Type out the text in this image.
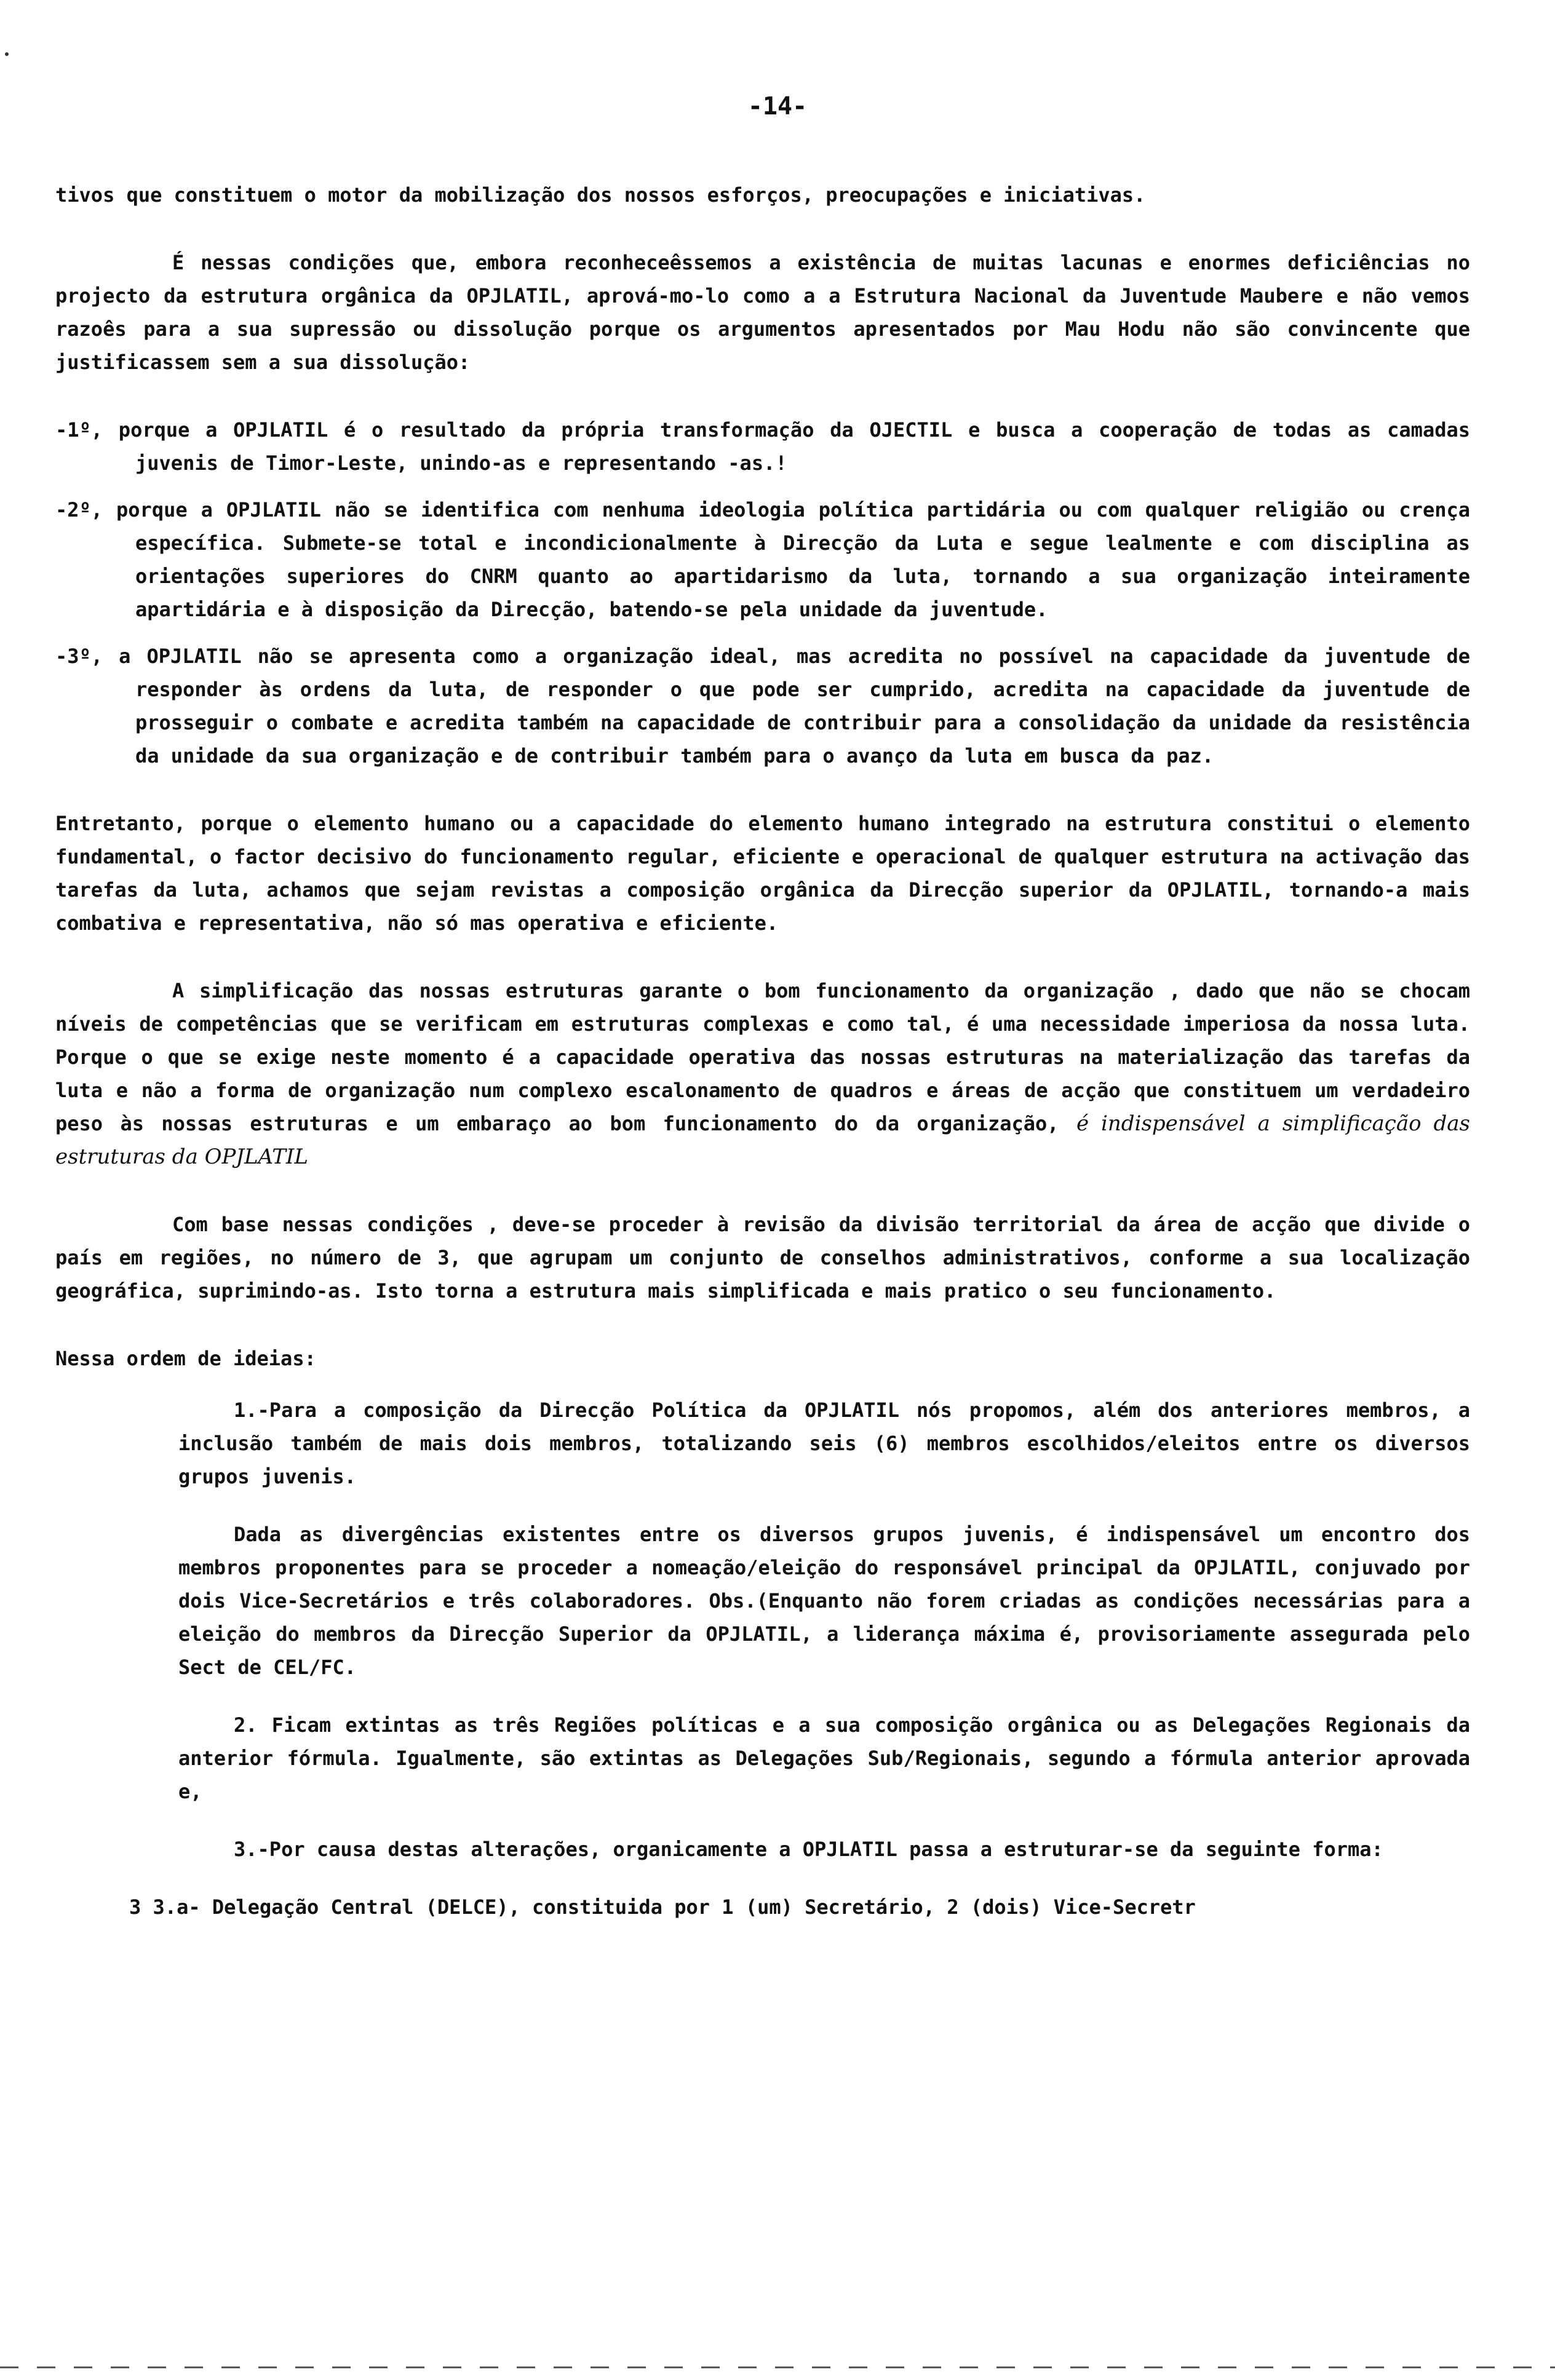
-14-

tivos que constituem o motor da mobilização dos nossos esforços, preocupações e iniciativas.

É nessas condições que, embora reconheceêssemos a existência de muitas lacunas e enormes deficiências no projecto da estrutura orgânica da OPJLATIL, aprová-mo-lo como a a Estrutura Nacional da Juventude Maubere e não vemos razoês para a sua supressão ou dissolução porque os argumentos apresentados por Mau Hodu não são convincente que justificassem sem a sua dissolução:

-1º, porque a OPJLATIL é o resultado da própria transformação da OJECTIL e busca a cooperação de todas as camadas juvenis de Timor-Leste, unindo-as e representando -as.!

-2º, porque a OPJLATIL não se identifica com nenhuma ideologia política partidária ou com qualquer religião ou crença específica. Submete-se total e incondicionalmente à Direcção da Luta e segue lealmente e com disciplina as orientações superiores do CNRM quanto ao apartidarismo da luta, tornando a sua organização inteiramente apartidária e à disposição da Direcção, batendo-se pela unidade da juventude.

-3º, a OPJLATIL não se apresenta como a organização ideal, mas acredita no possível na capacidade da juventude de responder às ordens da luta, de responder o que pode ser cumprido, acredita na capacidade da juventude de prosseguir o combate e acredita também na capacidade de contribuir para a consolidação da unidade da resistência da unidade da sua organização e de contribuir também para o avanço da luta em busca da paz.

Entretanto, porque o elemento humano ou a capacidade do elemento humano integrado na estrutura constitui o elemento fundamental, o factor decisivo do funcionamento regular, eficiente e operacional de qualquer estrutura na activação das tarefas da luta, achamos que sejam revistas a composição orgânica da Direcção superior da OPJLATIL, tornando-a mais combativa e representativa, não só mas operativa e eficiente.

A simplificação das nossas estruturas garante o bom funcionamento da organização , dado que não se chocam níveis de competências que se verificam em estruturas complexas e como tal, é uma necessidade imperiosa da nossa luta. Porque o que se exige neste momento é a capacidade operativa das nossas estruturas na materialização das tarefas da luta e não a forma de organização num complexo escalonamento de quadros e áreas de acção que constituem um verdadeiro peso às nossas estruturas e um embaraço ao bom funcionamento do da organização, é indispensável a simplificação das estruturas da OPJLATIL

Com base nessas condições , deve-se proceder à revisão da divisão territorial da área de acção que divide o país em regiões, no número de 3, que agrupam um conjunto de conselhos administrativos, conforme a sua localização geográfica, suprimindo-as. Isto torna a estrutura mais simplificada e mais pratico o seu funcionamento.

Nessa ordem de ideias:

1.-Para a composição da Direcção Política da OPJLATIL nós propomos, além dos anteriores membros, a inclusão também de mais dois membros, totalizando seis (6) membros escolhidos/eleitos entre os diversos grupos juvenis.

Dada as divergências existentes entre os diversos grupos juvenis, é indispensável um encontro dos membros proponentes para se proceder a nomeação/eleição do responsável principal da OPJLATIL, conjuvado por dois Vice-Secretários e três colaboradores. Obs.(Enquanto não forem criadas as condições necessárias para a eleição do membros da Direcção Superior da OPJLATIL, a liderança máxima é, provisoriamente assegurada pelo Sect de CEL/FC.

2. Ficam extintas as três Regiões políticas e a sua composição orgânica ou as Delegações Regionais da anterior fórmula. Igualmente, são extintas as Delegações Sub/Regionais, segundo a fórmula anterior aprovada e,

3.-Por causa destas alterações, organicamente a OPJLATIL passa a estruturar-se da seguinte forma:

3 3.a- Delegação Central (DELCE), constituida por 1 (um) Secretário, 2 (dois) Vice-Secretr
